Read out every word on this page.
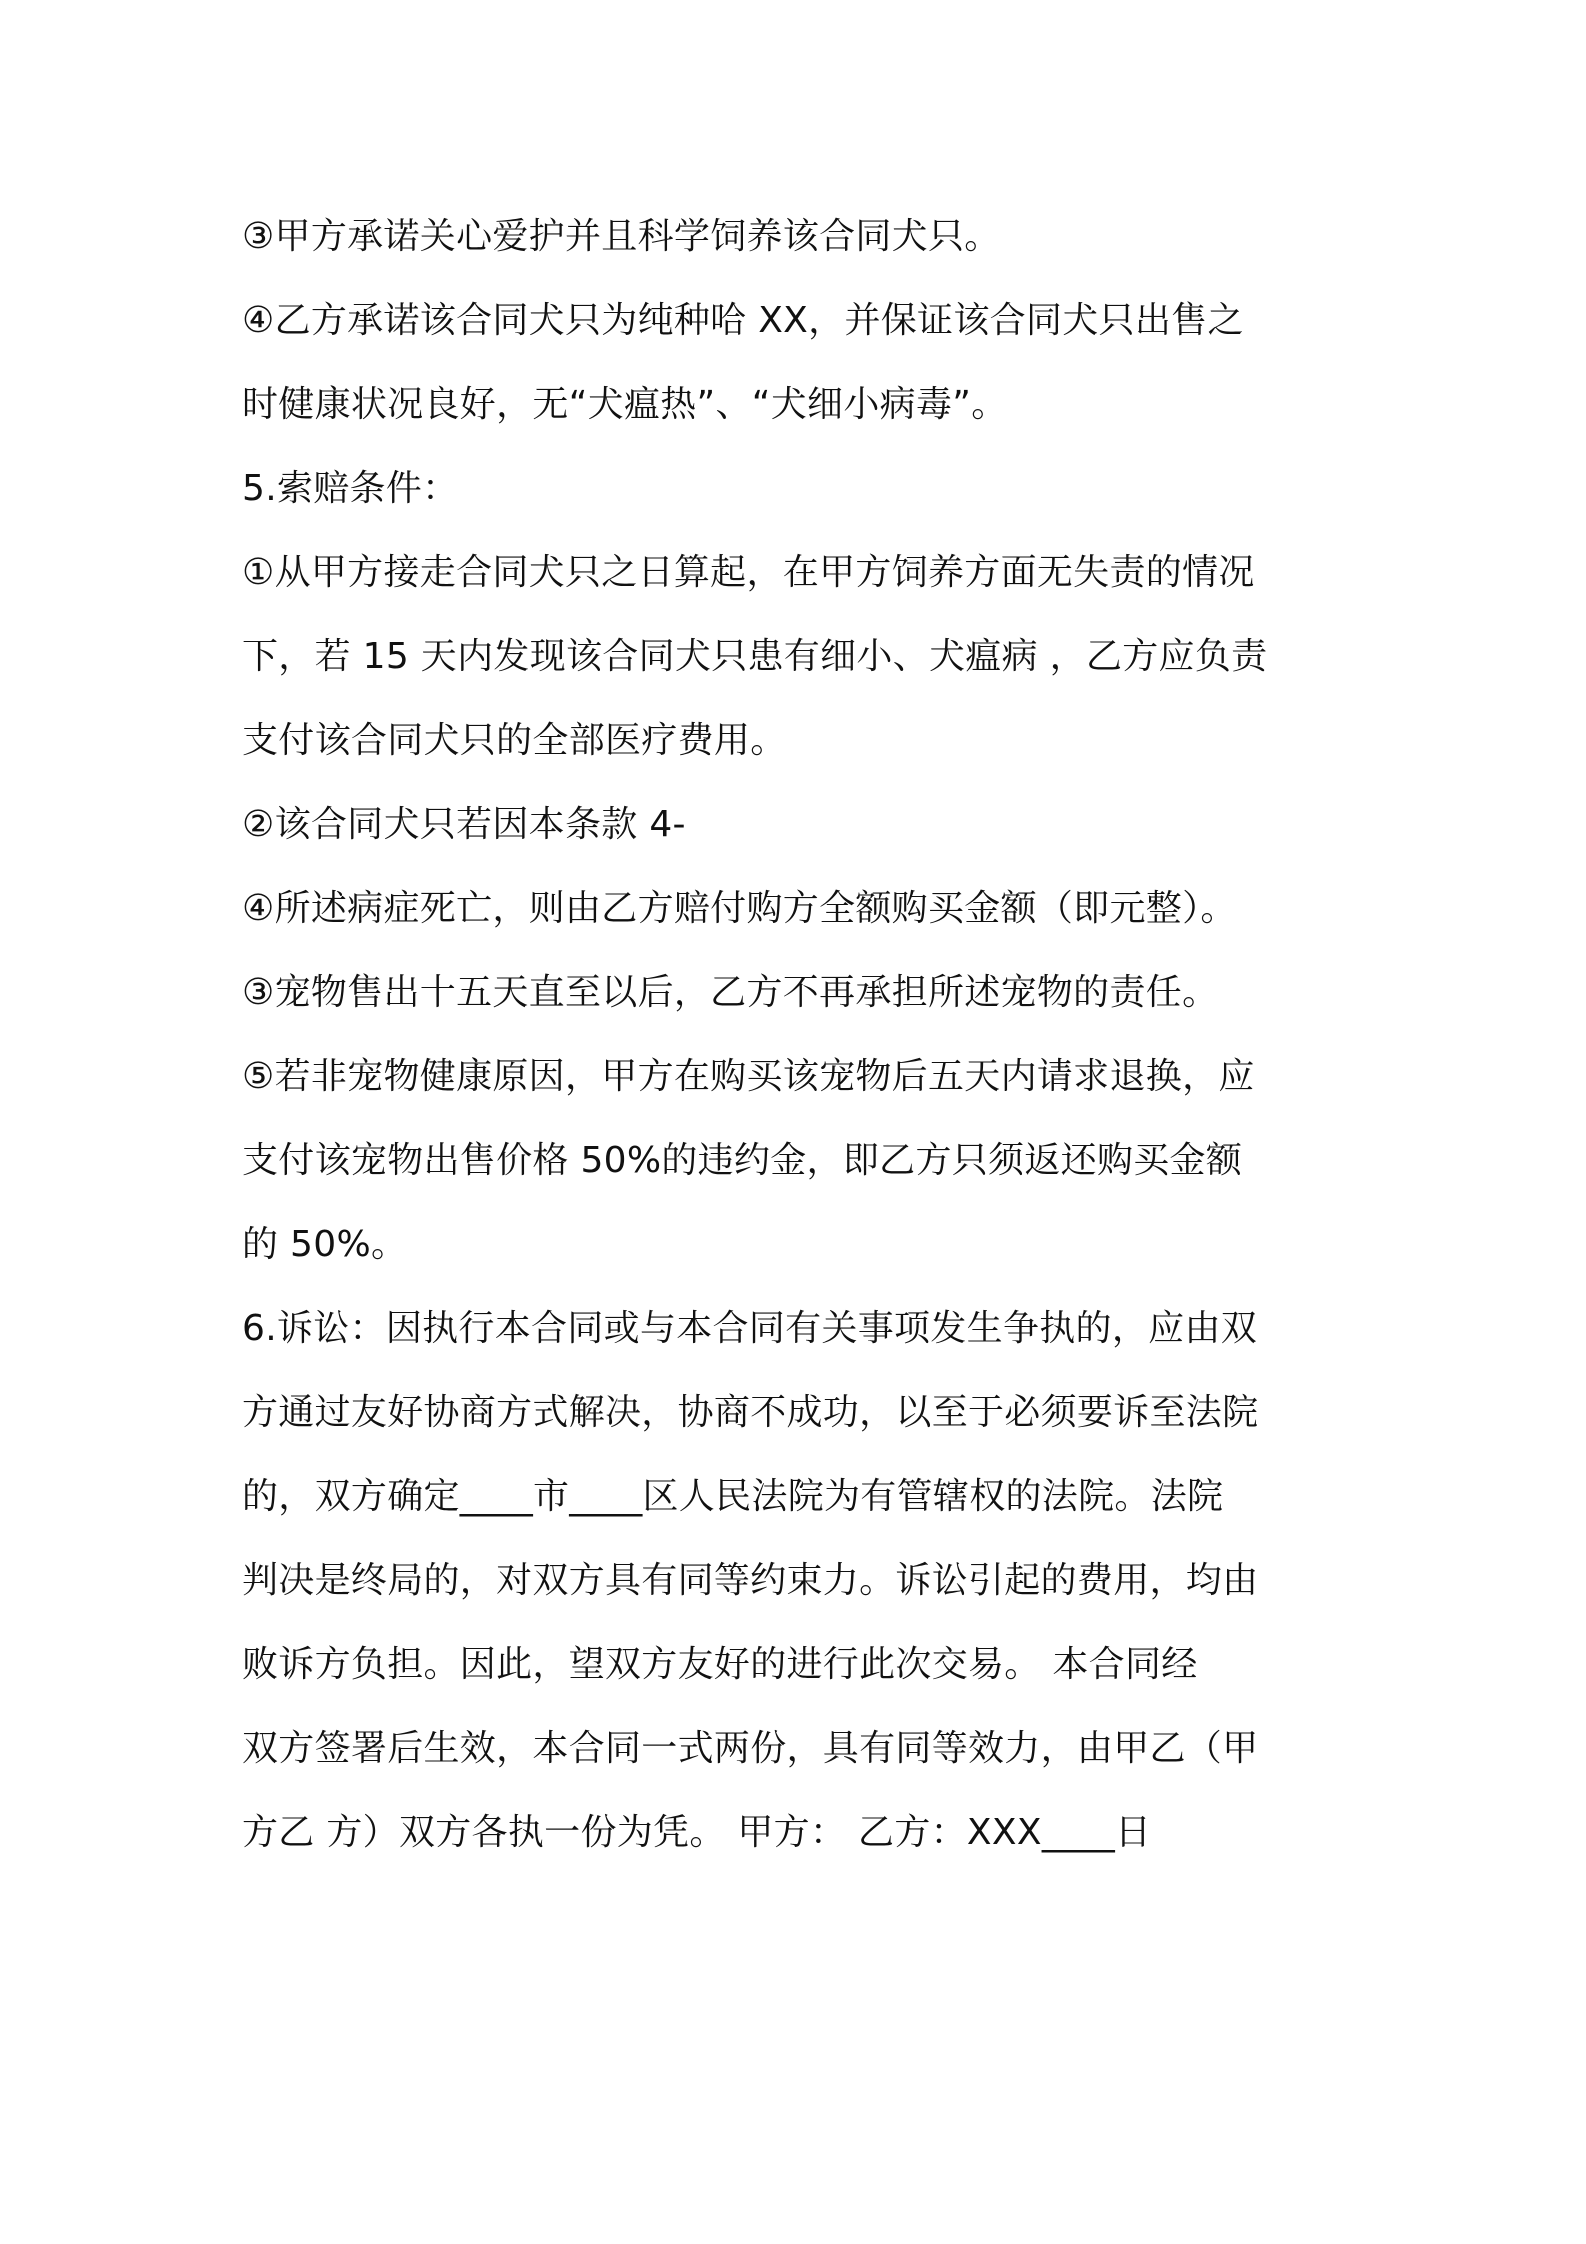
③甲方承诺关心爱护并且科学饲养该合同犬只。
④乙方承诺该合同犬只为纯种哈 XX，并保证该合同犬只出售之
时健康状况良好，无“犬瘟热”、“犬细小病毒”。
5.索赔条件：
①从甲方接走合同犬只之日算起，在甲方饲养方面无失责的情况
下，若 15 天内发现该合同犬只患有细小、犬瘟病 ，乙方应负责
支付该合同犬只的全部医疗费用。
②该合同犬只若因本条款 4-
④所述病症死亡，则由乙方赔付购方全额购买金额（即元整）。
③宠物售出十五天直至以后，乙方不再承担所述宠物的责任。
⑤若非宠物健康原因，甲方在购买该宠物后五天内请求退换，应
支付该宠物出售价格 50%的违约金，即乙方只须返还购买金额
的 50%。
6.诉讼：因执行本合同或与本合同有关事项发生争执的，应由双
方通过友好协商方式解决，协商不成功，以至于必须要诉至法院
的，双方确定____市____区人民法院为有管辖权的法院。法院
判决是终局的，对双方具有同等约束力。诉讼引起的费用，均由
败诉方负担。因此，望双方友好的进行此次交易。 本合同经
双方签署后生效，本合同一式两份，具有同等效力，由甲乙（甲
方乙 方）双方各执一份为凭。 甲方： 乙方：XXX____日
